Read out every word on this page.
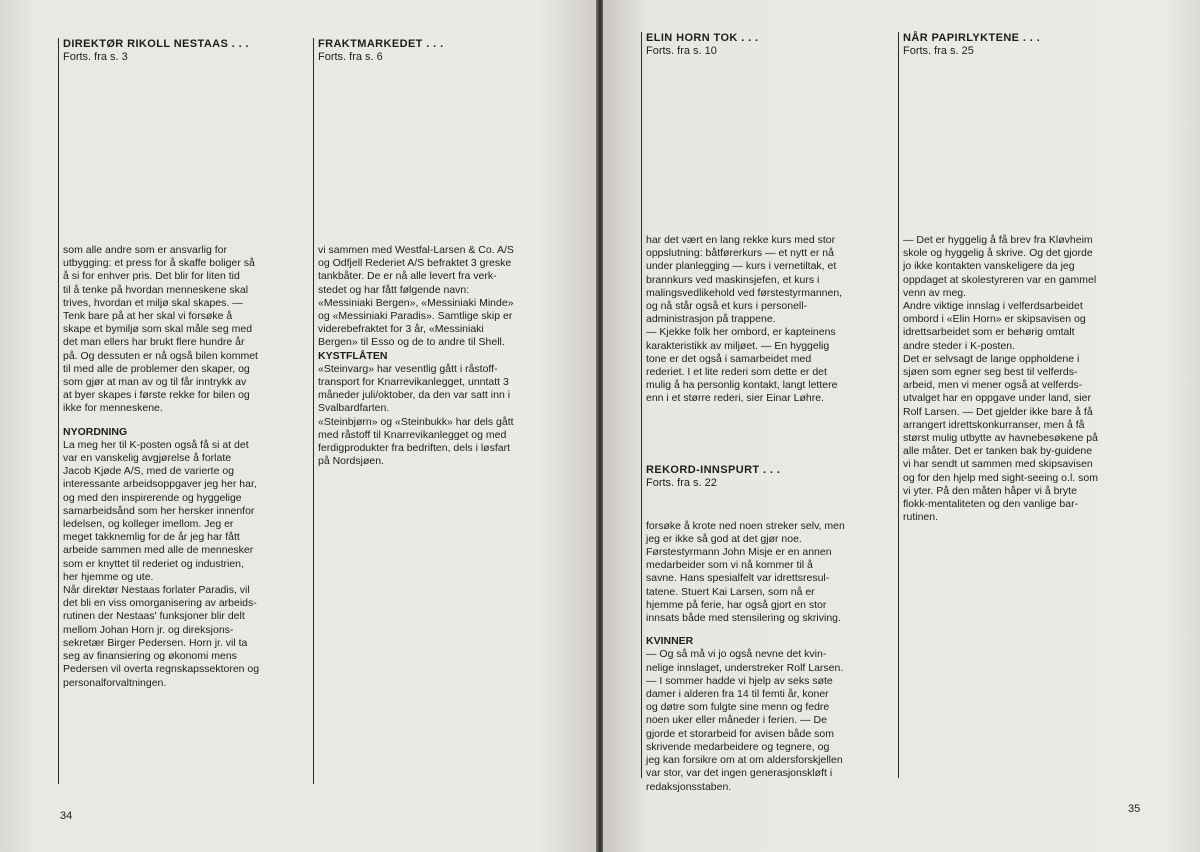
DIREKTØR RIKOLL NESTAAS . . .
Forts. fra s. 3

som alle andre som er ansvarlig for
utbygging: et press for å skaffe boliger så
å si for enhver pris. Det blir for liten tid
til å tenke på hvordan menneskene skal
trives, hvordan et miljø skal skapes. —
Tenk bare på at her skal vi forsøke å
skape et bymiljø som skal måle seg med
det man ellers har brukt flere hundre år
på. Og dessuten er nå også bilen kommet
til med alle de problemer den skaper, og
som gjør at man av og til får inntrykk av
at byer skapes i første rekke for bilen og
ikke for menneskene.

NYORDNING

La meg her til K-posten også få si at det
var en vanskelig avgjørelse å forlate
Jacob Kjøde A/S, med de varierte og
interessante arbeidsoppgaver jeg her har,
og med den inspirerende og hyggelige
samarbeidsånd som her hersker innenfor
ledelsen, og kolleger imellom. Jeg er
meget takknemlig for de år jeg har fått
arbeide sammen med alle de mennesker
som er knyttet til rederiet og industrien,
her hjemme og ute.
Når direktør Nestaas forlater Paradis, vil
det bli en viss omorganisering av arbeids-
rutinen der Nestaas' funksjoner blir delt
mellom Johan Horn jr. og direksjons-
sekretær Birger Pedersen. Horn jr. vil ta
seg av finansiering og økonomi mens
Pedersen vil overta regnskapssektoren og
personalforvaltningen.

FRAKTMARKEDET . . .
Forts. fra s. 6

vi sammen med Westfal-Larsen & Co. A/S
og Odfjell Rederiet A/S befraktet 3 greske
tankbåter. De er nå alle levert fra verk-
stedet og har fått følgende navn:
«Messiniaki Bergen», «Messiniaki Minde»
og «Messiniaki Paradis». Samtlige skip er
viderebefraktet for 3 år, «Messiniaki
Bergen» til Esso og de to andre til Shell.

KYSTFLÅTEN

«Steinvarg» har vesentlig gått i råstoff-
transport for Knarrevikanlegget, unntatt 3
måneder juli/oktober, da den var satt inn i
Svalbardfarten.
«Steinbjørn» og «Steinbukk» har dels gått
med råstoff til Knarrevikanlegget og med
ferdigprodukter fra bedriften, dels i løsfart
på Nordsjøen.

34
ELIN HORN TOK . . .
Forts. fra s. 10

har det vært en lang rekke kurs med stor
oppslutning: båtførerkurs — et nytt er nå
under planlegging — kurs i vernetiltak, et
brannkurs ved maskinsjefen, et kurs i
malingsvedlikehold ved førstestyrmannen,
og nå står også et kurs i personell-
administrasjon på trappene.
— Kjekke folk her ombord, er kapteinens
karakteristikk av miljøet. — En hyggelig
tone er det også i samarbeidet med
rederiet. I et lite rederi som dette er det
mulig å ha personlig kontakt, langt lettere
enn i et større rederi, sier Einar Løhre.

REKORD-INNSPURT . . .
Forts. fra s. 22

forsøke å krote ned noen streker selv, men
jeg er ikke så god at det gjør noe.
Førstestyrmann John Misje er en annen
medarbeider som vi nå kommer til å
savne. Hans spesialfelt var idrettsresul-
tatene. Stuert Kai Larsen, som nå er
hjemme på ferie, har også gjort en stor
innsats både med stensilering og skriving.

KVINNER

— Og så må vi jo også nevne det kvin-
nelige innslaget, understreker Rolf Larsen.
— I sommer hadde vi hjelp av seks søte
damer i alderen fra 14 til femti år, koner
og døtre som fulgte sine menn og fedre
noen uker eller måneder i ferien. — De
gjorde et storarbeid for avisen både som
skrivende medarbeidere og tegnere, og
jeg kan forsikre om at om aldersforskjellen
var stor, var det ingen generasjonskløft i
redaksjonsstaben.

NÅR PAPIRLYKTENE . . .
Forts. fra s. 25

— Det er hyggelig å få brev fra Kløvheim
skole og hyggelig å skrive. Og det gjorde
jo ikke kontakten vanskeligere da jeg
oppdaget at skolestyreren var en gammel
venn av meg.
Andre viktige innslag i velferdsarbeidet
ombord i «Elin Horn» er skipsavisen og
idrettsarbeidet som er behørig omtalt
andre steder i K-posten.
Det er selvsagt de lange oppholdene i
sjøen som egner seg best til velferds-
arbeid, men vi mener også at velferds-
utvalget har en oppgave under land, sier
Rolf Larsen. — Det gjelder ikke bare å få
arrangert idrettskonkurranser, men å få
størst mulig utbytte av havnebesøkene på
alle måter. Det er tanken bak by-guidene
vi har sendt ut sammen med skipsavisen
og for den hjelp med sight-seeing o.l. som
vi yter. På den måten håper vi å bryte
flokk-mentaliteten og den vanlige bar-
rutinen.

35
